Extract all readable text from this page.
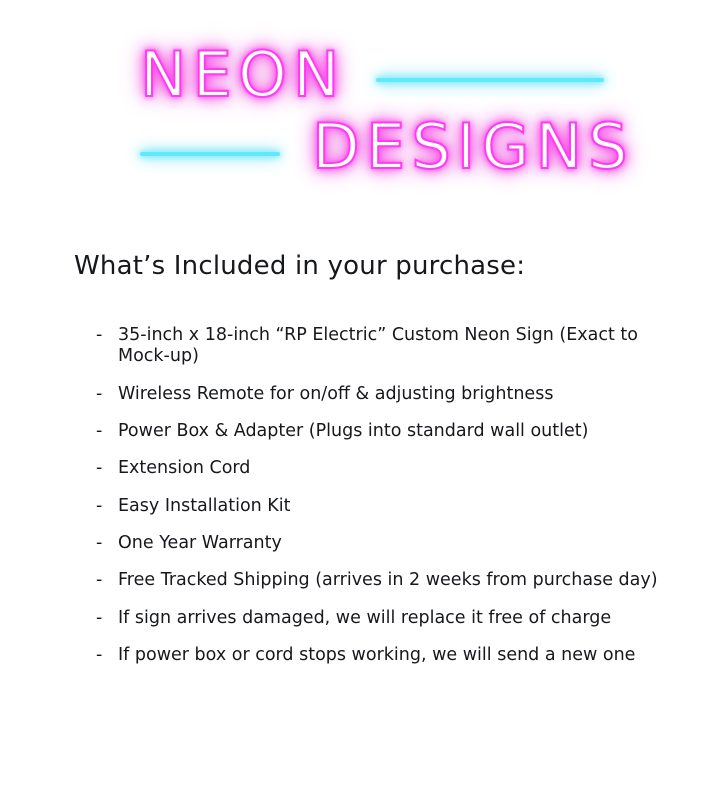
NEON
DESIGNS
What’s Included in your purchase:
- 35-inch x 18-inch “RP Electric” Custom Neon Sign (Exact to Mock-up)
- Wireless Remote for on/off & adjusting brightness
- Power Box & Adapter (Plugs into standard wall outlet)
- Extension Cord
- Easy Installation Kit
- One Year Warranty
- Free Tracked Shipping (arrives in 2 weeks from purchase day)
- If sign arrives damaged, we will replace it free of charge
- If power box or cord stops working, we will send a new one
